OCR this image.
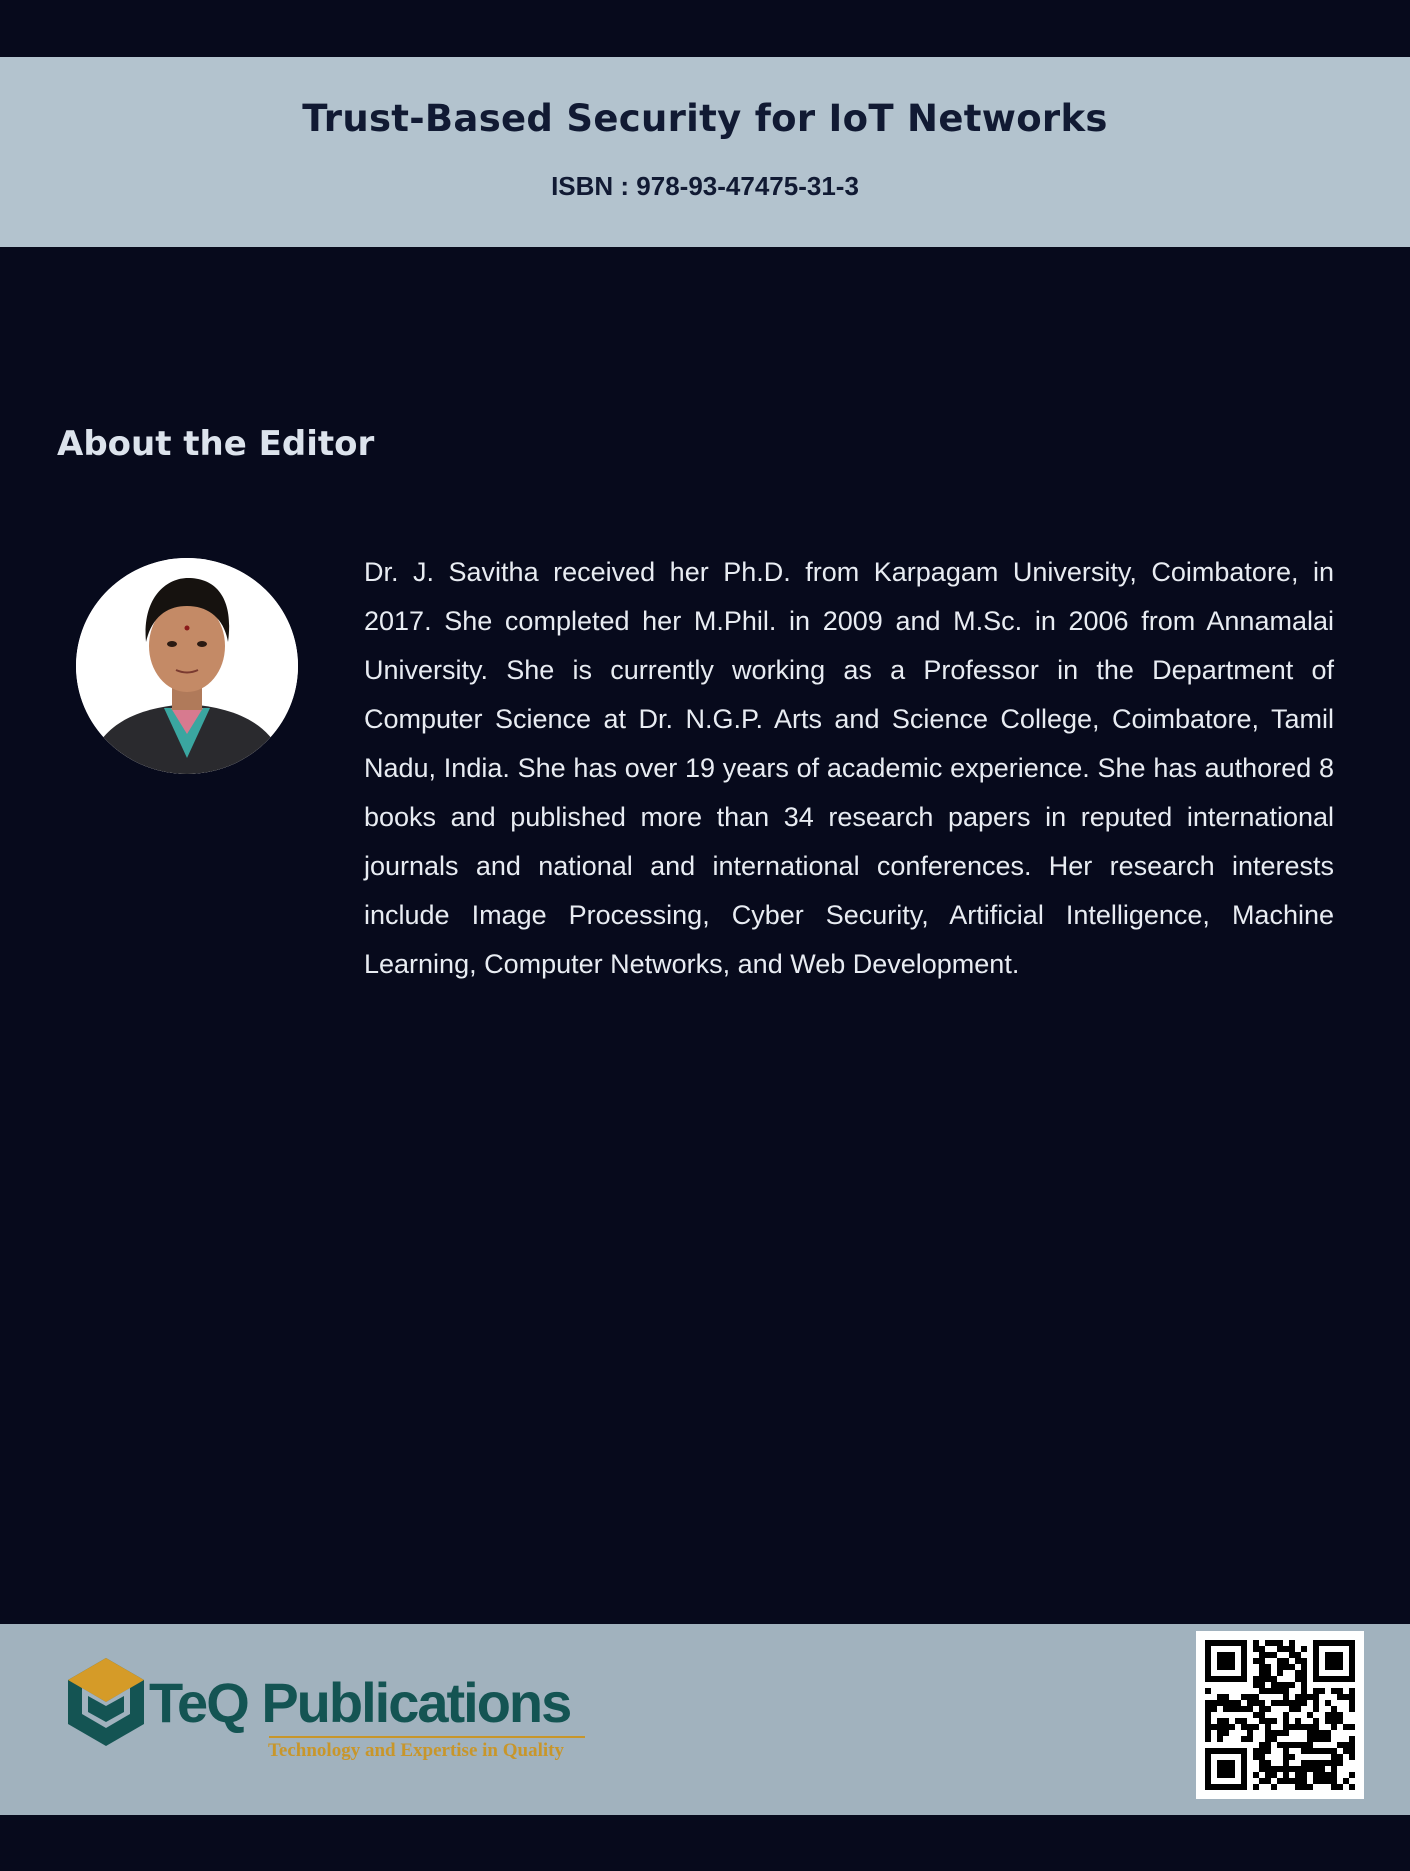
Trust-Based Security for IoT Networks
ISBN : 978-93-47475-31-3
About the Editor

Dr. J. Savitha received her Ph.D. from Karpagam University, Coimbatore, in 2017. She completed her M.Phil. in 2009 and M.Sc. in 2006 from Annamalai University. She is currently working as a Professor in the Department of Computer Science at Dr. N.G.P. Arts and Science College, Coimbatore, Tamil Nadu, India. She has over 19 years of academic experience. She has authored 8 books and published more than 34 research papers in reputed international journals and national and international conferences. Her research interests include Image Processing, Cyber Security, Artificial Intelligence, Machine Learning, Computer Networks, and Web Development.

TeQ Publications
Technology and Expertise in Quality
